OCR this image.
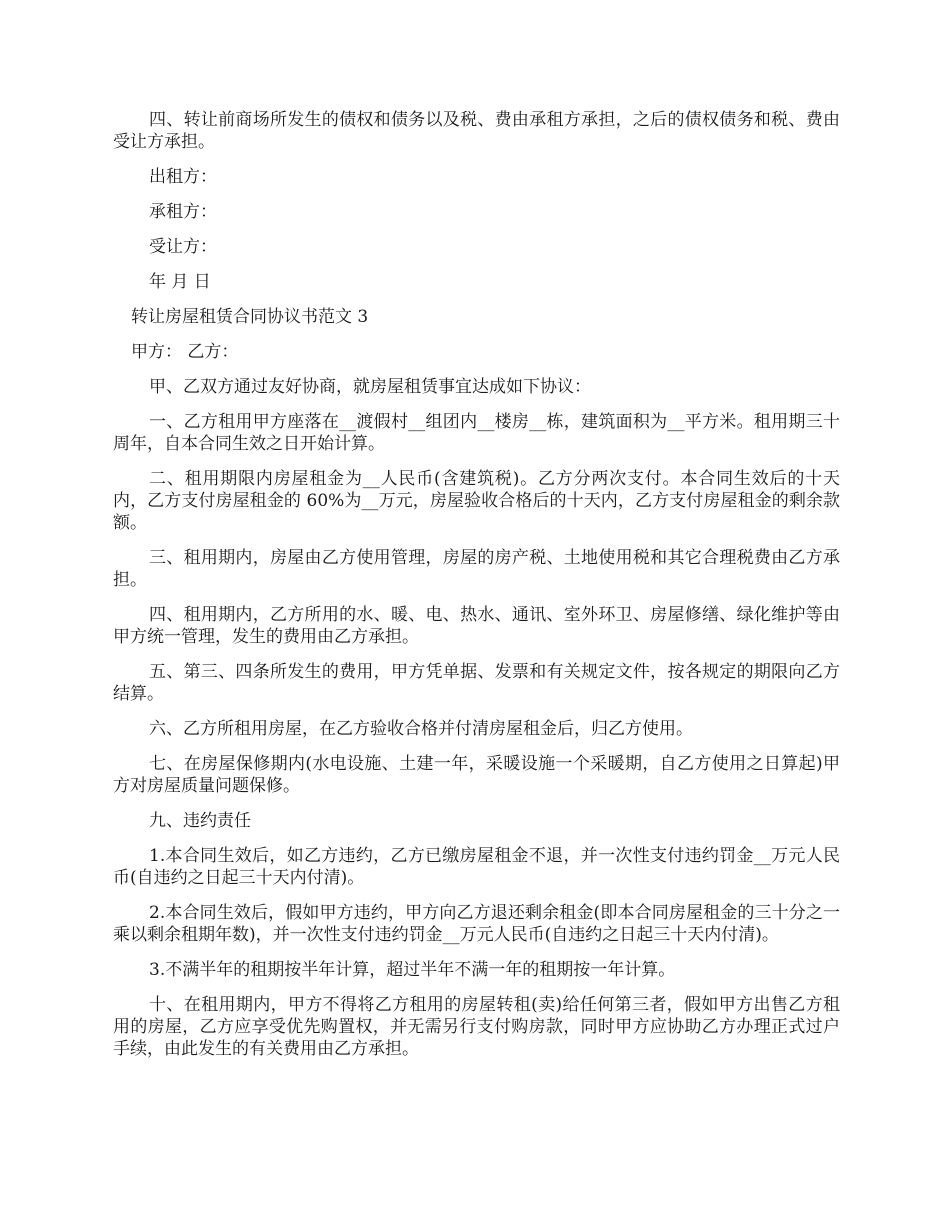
四、转让前商场所发生的债权和债务以及税、费由承租方承担，之后的债权债务和税、费由受让方承担。

出租方：

承租方：

受让方：

年 月 日

转让房屋租赁合同协议书范文 3

甲方： 乙方：

甲、乙双方通过友好协商，就房屋租赁事宜达成如下协议：

一、乙方租用甲方座落在__渡假村__组团内__楼房__栋，建筑面积为__平方米。租用期三十周年，自本合同生效之日开始计算。

二、租用期限内房屋租金为__人民币(含建筑税)。乙方分两次支付。本合同生效后的十天内，乙方支付房屋租金的 60%为__万元，房屋验收合格后的十天内，乙方支付房屋租金的剩余款额。

三、租用期内，房屋由乙方使用管理，房屋的房产税、土地使用税和其它合理税费由乙方承担。

四、租用期内，乙方所用的水、暖、电、热水、通讯、室外环卫、房屋修缮、绿化维护等由甲方统一管理，发生的费用由乙方承担。

五、第三、四条所发生的费用，甲方凭单据、发票和有关规定文件，按各规定的期限向乙方结算。

六、乙方所租用房屋，在乙方验收合格并付清房屋租金后，归乙方使用。

七、在房屋保修期内(水电设施、土建一年，采暖设施一个采暖期，自乙方使用之日算起)甲方对房屋质量问题保修。

九、违约责任

1.本合同生效后，如乙方违约，乙方已缴房屋租金不退，并一次性支付违约罚金__万元人民币(自违约之日起三十天内付清)。

2.本合同生效后，假如甲方违约，甲方向乙方退还剩余租金(即本合同房屋租金的三十分之一乘以剩余租期年数)，并一次性支付违约罚金__万元人民币(自违约之日起三十天内付清)。

3.不满半年的租期按半年计算，超过半年不满一年的租期按一年计算。

十、在租用期内，甲方不得将乙方租用的房屋转租(卖)给任何第三者，假如甲方出售乙方租用的房屋，乙方应享受优先购置权，并无需另行支付购房款，同时甲方应协助乙方办理正式过户手续，由此发生的有关费用由乙方承担。
